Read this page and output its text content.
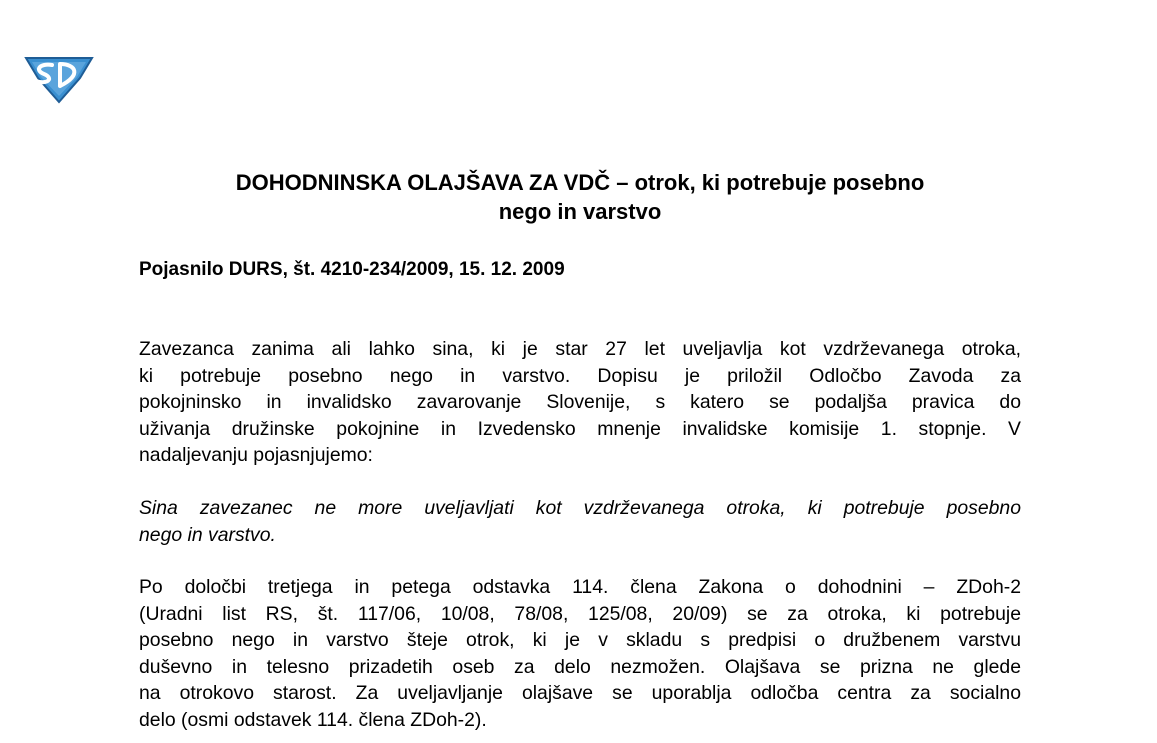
DOHODNINSKA OLAJŠAVA ZA VDČ – otrok, ki potrebuje posebno
nego in varstvo
Pojasnilo DURS, št. 4210-234/2009, 15. 12. 2009
Zavezanca zanima ali lahko sina, ki je star 27 let uveljavlja kot vzdrževanega otroka,
ki potrebuje posebno nego in varstvo. Dopisu je priložil Odločbo Zavoda za
pokojninsko in invalidsko zavarovanje Slovenije, s katero se podaljša pravica do
uživanja družinske pokojnine in Izvedensko mnenje invalidske komisije 1. stopnje. V
nadaljevanju pojasnjujemo:
Sina zavezanec ne more uveljavljati kot vzdrževanega otroka, ki potrebuje posebno
nego in varstvo.
Po določbi tretjega in petega odstavka 114. člena Zakona o dohodnini – ZDoh-2
(Uradni list RS, št. 117/06, 10/08, 78/08, 125/08, 20/09) se za otroka, ki potrebuje
posebno nego in varstvo šteje otrok, ki je v skladu s predpisi o družbenem varstvu
duševno in telesno prizadetih oseb za delo nezmožen. Olajšava se prizna ne glede
na otrokovo starost. Za uveljavljanje olajšave se uporablja odločba centra za socialno
delo (osmi odstavek 114. člena ZDoh-2).
